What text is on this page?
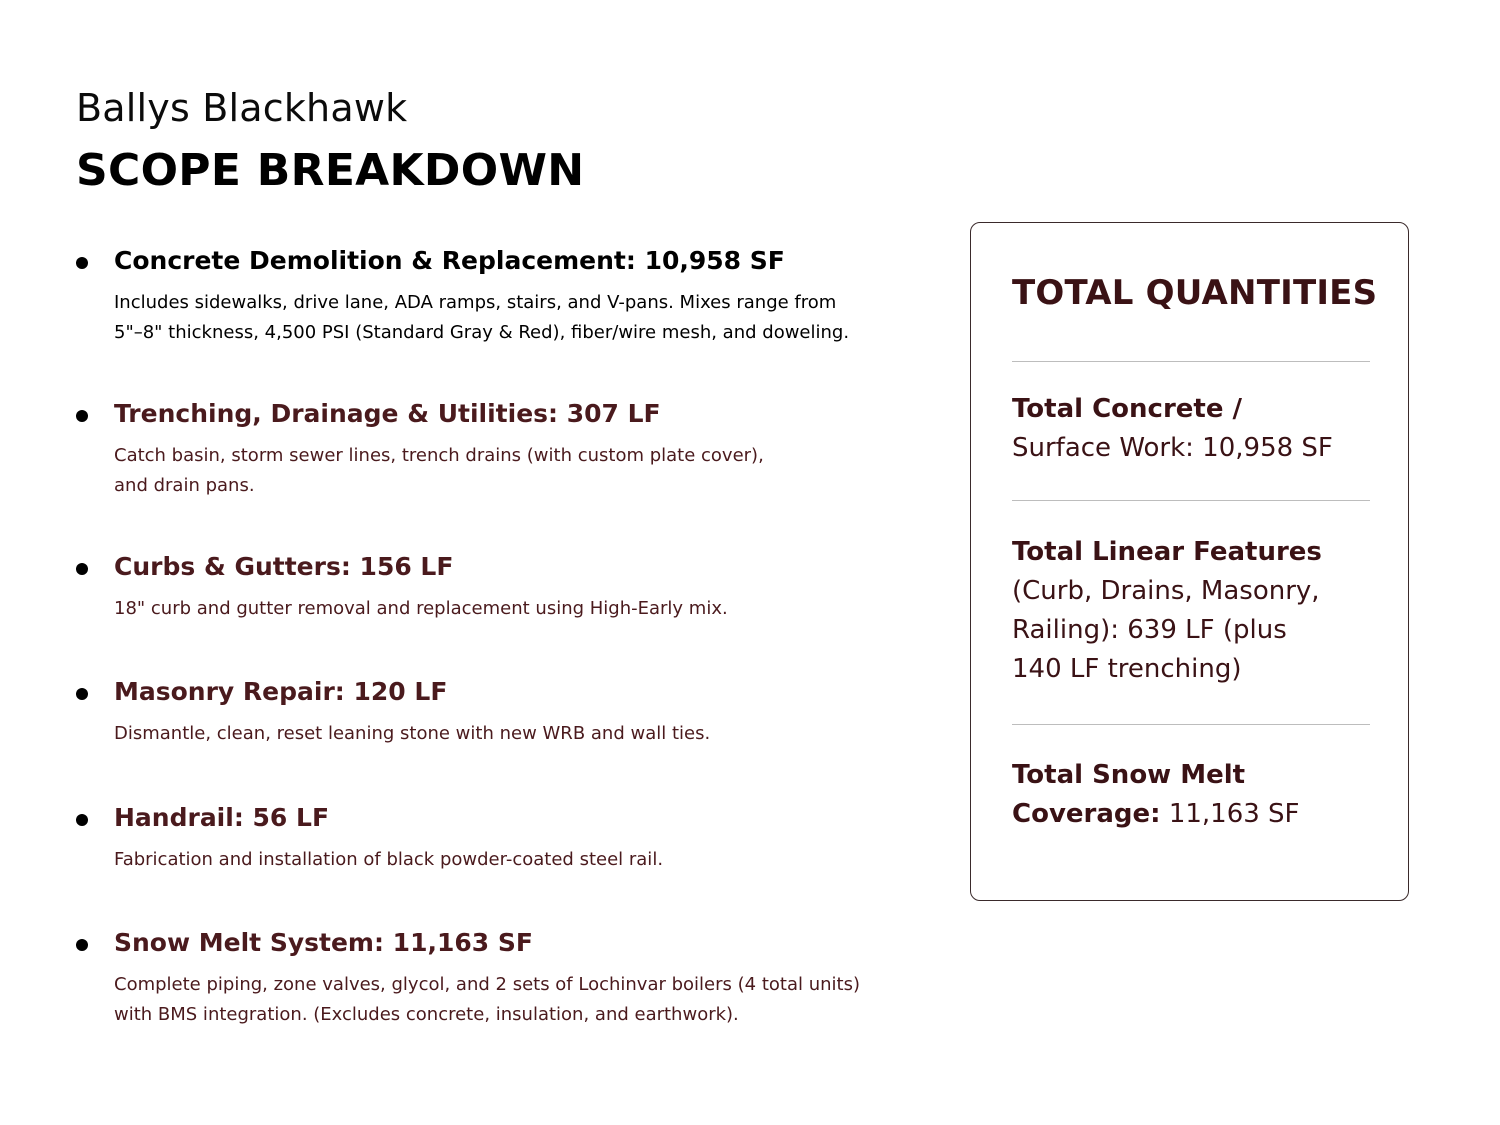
Ballys Blackhawk
SCOPE BREAKDOWN

Concrete Demolition & Replacement: 10,958 SF

Includes sidewalks, drive lane, ADA ramps, stairs, and V-pans. Mixes range from
5"–8" thickness, 4,500 PSI (Standard Gray & Red), fiber/wire mesh, and doweling.

Trenching, Drainage & Utilities: 307 LF

Catch basin, storm sewer lines, trench drains (with custom plate cover),
and drain pans.

Curbs & Gutters: 156 LF

18" curb and gutter removal and replacement using High-Early mix.

Masonry Repair: 120 LF

Dismantle, clean, reset leaning stone with new WRB and wall ties.

Handrail: 56 LF

Fabrication and installation of black powder-coated steel rail.

Snow Melt System: 11,163 SF

Complete piping, zone valves, glycol, and 2 sets of Lochinvar boilers (4 total units)
with BMS integration. (Excludes concrete, insulation, and earthwork).

TOTAL QUANTITIES
Total Concrete /
Surface Work: 10,958 SF
Total Linear Features
(Curb, Drains, Masonry,
Railing): 639 LF (plus
140 LF trenching)
Total Snow Melt
Coverage: 11,163 SF
